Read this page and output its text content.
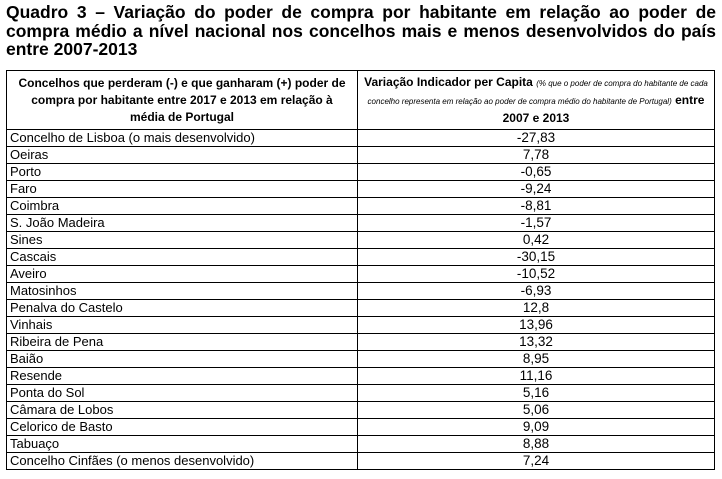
Quadro 3 – Variação do poder de compra por habitante em relação ao poder de compra médio a nível nacional nos concelhos mais e menos desenvolvidos do país entre 2007-2013
Concelhos que perderam (-) e que ganharam (+) poder de compra por habitante entre 2017 e 2013 em relação à média de Portugal	Variação Indicador per Capita (% que o poder de compra do habitante de cada concelho representa em relação ao poder de compra médio do habitante de Portugal) entre 2007 e 2013

Concelho de Lisboa (o mais desenvolvido)	-27,83
Oeiras	7,78
Porto	-0,65
Faro	-9,24
Coimbra	-8,81
S. João Madeira	-1,57
Sines	0,42
Cascais	-30,15
Aveiro	-10,52
Matosinhos	-6,93
Penalva do Castelo	12,8
Vinhais	13,96
Ribeira de Pena	13,32
Baião	8,95
Resende	11,16
Ponta do Sol	5,16
Câmara de Lobos	5,06
Celorico de Basto	9,09
Tabuaço	8,88
Concelho Cinfães (o menos desenvolvido)	7,24
